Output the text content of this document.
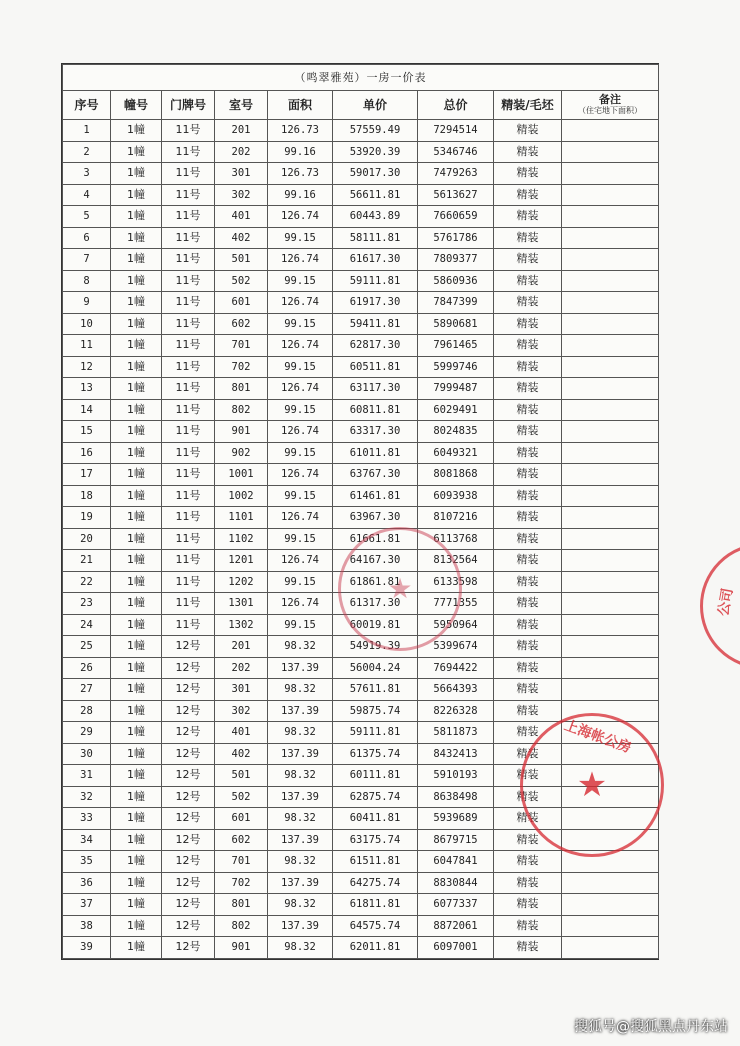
（鸣翠雅苑）一房一价表								
序号	幢号	门牌号	室号	面积	单价	总价	精装/毛坯	备注
（住宅地下面积）

1	1幢	11号	201	126.73	57559.49	7294514	精装	
2	1幢	11号	202	99.16	53920.39	5346746	精装	
3	1幢	11号	301	126.73	59017.30	7479263	精装	
4	1幢	11号	302	99.16	56611.81	5613627	精装	
5	1幢	11号	401	126.74	60443.89	7660659	精装	
6	1幢	11号	402	99.15	58111.81	5761786	精装	
7	1幢	11号	501	126.74	61617.30	7809377	精装	
8	1幢	11号	502	99.15	59111.81	5860936	精装	
9	1幢	11号	601	126.74	61917.30	7847399	精装	
10	1幢	11号	602	99.15	59411.81	5890681	精装	
11	1幢	11号	701	126.74	62817.30	7961465	精装	
12	1幢	11号	702	99.15	60511.81	5999746	精装	
13	1幢	11号	801	126.74	63117.30	7999487	精装	
14	1幢	11号	802	99.15	60811.81	6029491	精装	
15	1幢	11号	901	126.74	63317.30	8024835	精装	
16	1幢	11号	902	99.15	61011.81	6049321	精装	
17	1幢	11号	1001	126.74	63767.30	8081868	精装	
18	1幢	11号	1002	99.15	61461.81	6093938	精装	
19	1幢	11号	1101	126.74	63967.30	8107216	精装	
20	1幢	11号	1102	99.15	61661.81	6113768	精装	
21	1幢	11号	1201	126.74	64167.30	8132564	精装	
22	1幢	11号	1202	99.15	61861.81	6133598	精装	
23	1幢	11号	1301	126.74	61317.30	7771355	精装	
24	1幢	11号	1302	99.15	60019.81	5950964	精装	
25	1幢	12号	201	98.32	54919.39	5399674	精装	
26	1幢	12号	202	137.39	56004.24	7694422	精装	
27	1幢	12号	301	98.32	57611.81	5664393	精装	
28	1幢	12号	302	137.39	59875.74	8226328	精装	
29	1幢	12号	401	98.32	59111.81	5811873	精装	
30	1幢	12号	402	137.39	61375.74	8432413	精装	
31	1幢	12号	501	98.32	60111.81	5910193	精装	
32	1幢	12号	502	137.39	62875.74	8638498	精装	
33	1幢	12号	601	98.32	60411.81	5939689	精装	
34	1幢	12号	602	137.39	63175.74	8679715	精装	
35	1幢	12号	701	98.32	61511.81	6047841	精装	
36	1幢	12号	702	137.39	64275.74	8830844	精装	
37	1幢	12号	801	98.32	61811.81	6077337	精装	
38	1幢	12号	802	137.39	64575.74	8872061	精装	
39	1幢	12号	901	98.32	62011.81	6097001	精装	
★
上海帐公房
★
公司
搜狐号@搜狐黑点丹东站
